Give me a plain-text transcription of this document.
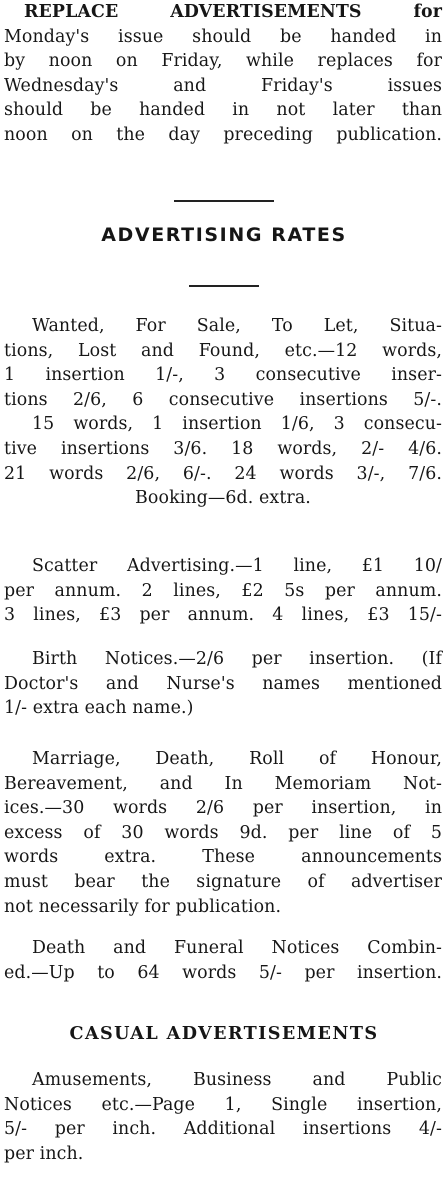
REPLACE ADVERTISEMENTS for
Monday's issue should be handed in
by noon on Friday, while replaces for
Wednesday's and Friday's issues
should be handed in not later than
noon on the day preceding publication.
ADVERTISING RATES
Wanted, For Sale, To Let, Situa-
tions, Lost and Found, etc.—12 words,
1 insertion 1/-, 3 consecutive inser-
tions 2/6, 6 consecutive insertions 5/-.
15 words, 1 insertion 1/6, 3 consecu-
tive insertions 3/6. 18 words, 2/- 4/6.
21 words 2/6, 6/-. 24 words 3/-, 7/6.
Booking—6d. extra.
Scatter Advertising.—1 line, £1 10/
per annum. 2 lines, £2 5s per annum.
3 lines, £3 per annum. 4 lines, £3 15/-
Birth Notices.—2/6 per insertion. (If
Doctor's and Nurse's names mentioned
1/- extra each name.)
Marriage, Death, Roll of Honour,
Bereavement, and In Memoriam Not-
ices.—30 words 2/6 per insertion, in
excess of 30 words 9d. per line of 5
words extra. These announcements
must bear the signature of advertiser
not necessarily for publication.
Death and Funeral Notices Combin-
ed.—Up to 64 words 5/- per insertion.
CASUAL ADVERTISEMENTS
Amusements, Business and Public
Notices etc.—Page 1, Single insertion,
5/- per inch. Additional insertions 4/-
per inch.
